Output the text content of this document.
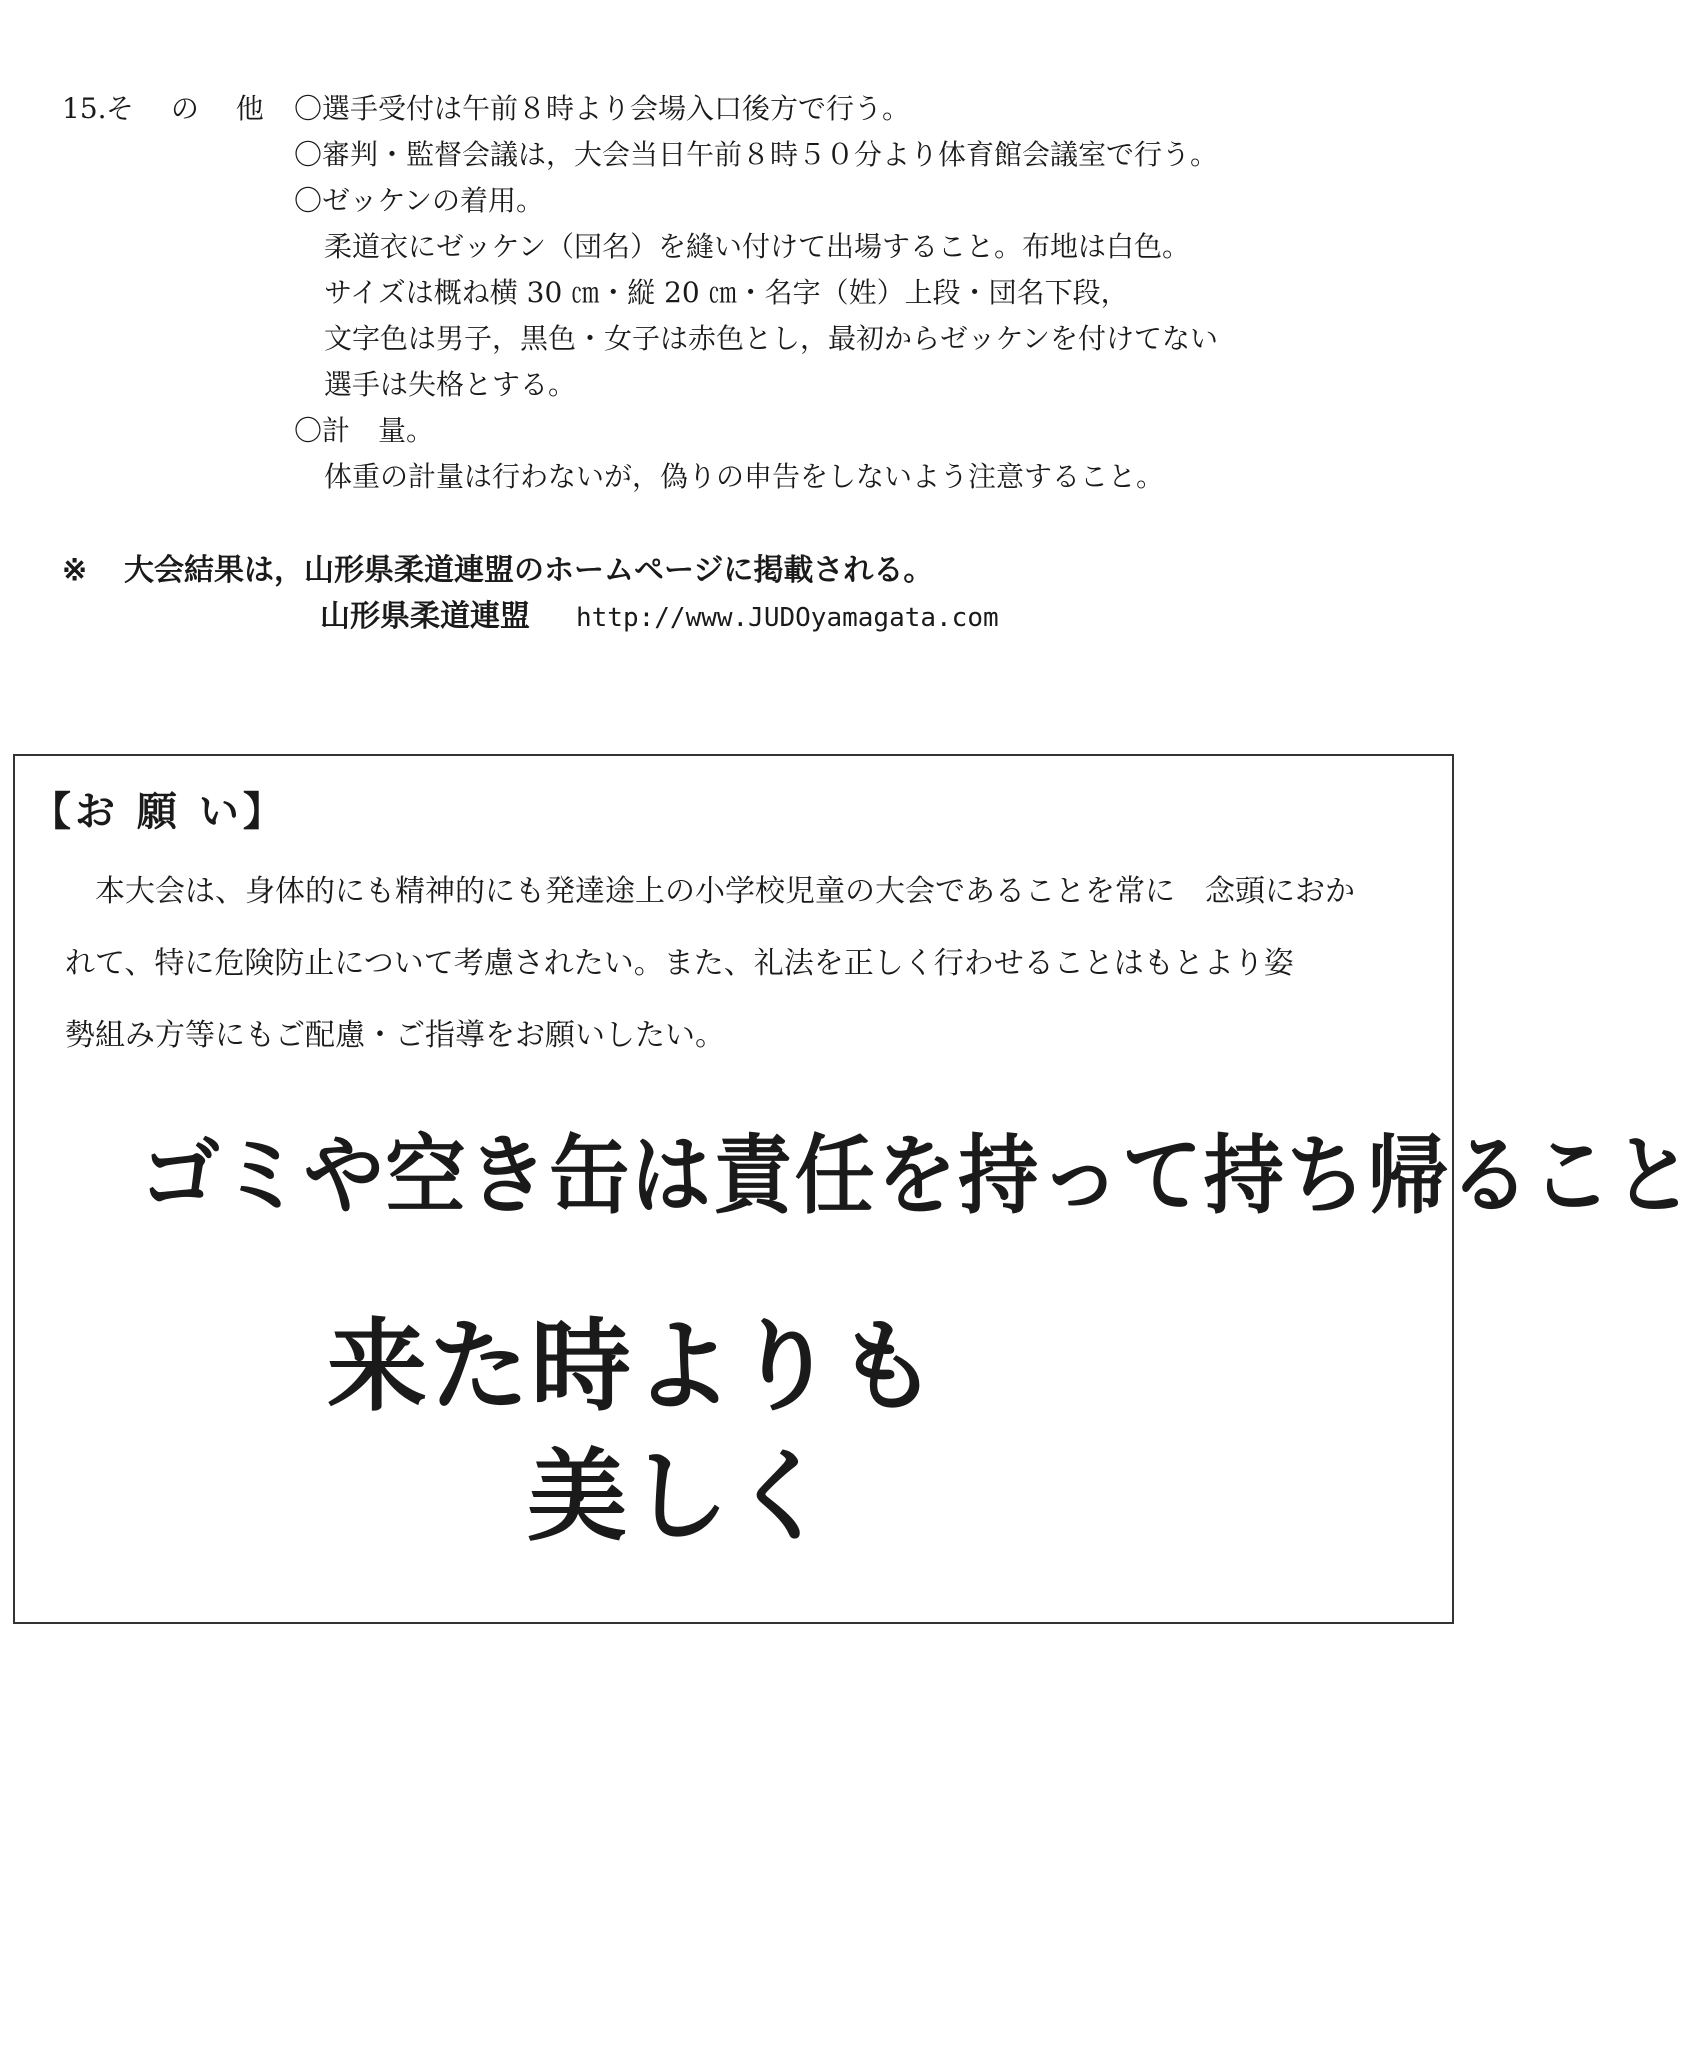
15. そ の 他 〇選手受付は午前８時より会場入口後方で行う。
〇審判・監督会議は，大会当日午前８時５０分より体育館会議室で行う。
〇ゼッケンの着用。
柔道衣にゼッケン（団名）を縫い付けて出場すること。布地は白色。
サイズは概ね横 30 ㎝・縦 20 ㎝・名字（姓）上段・団名下段，
文字色は男子，黒色・女子は赤色とし，最初からゼッケンを付けてない
選手は失格とする。
〇計　量。
体重の計量は行わないが，偽りの申告をしないよう注意すること。
※ 大会結果は，山形県柔道連盟のホームページに掲載される。
山形県柔道連盟 http://www.JUDOyamagata.com
【お 願 い】
本大会は、身体的にも精神的にも発達途上の小学校児童の大会であることを常に　念頭におか
れて、特に危険防止について考慮されたい。また、礼法を正しく行わせることはもとより姿
勢組み方等にもご配慮・ご指導をお願いしたい。
ゴミや空き缶は責任を持って持ち帰ること
来た時よりも
美しく
